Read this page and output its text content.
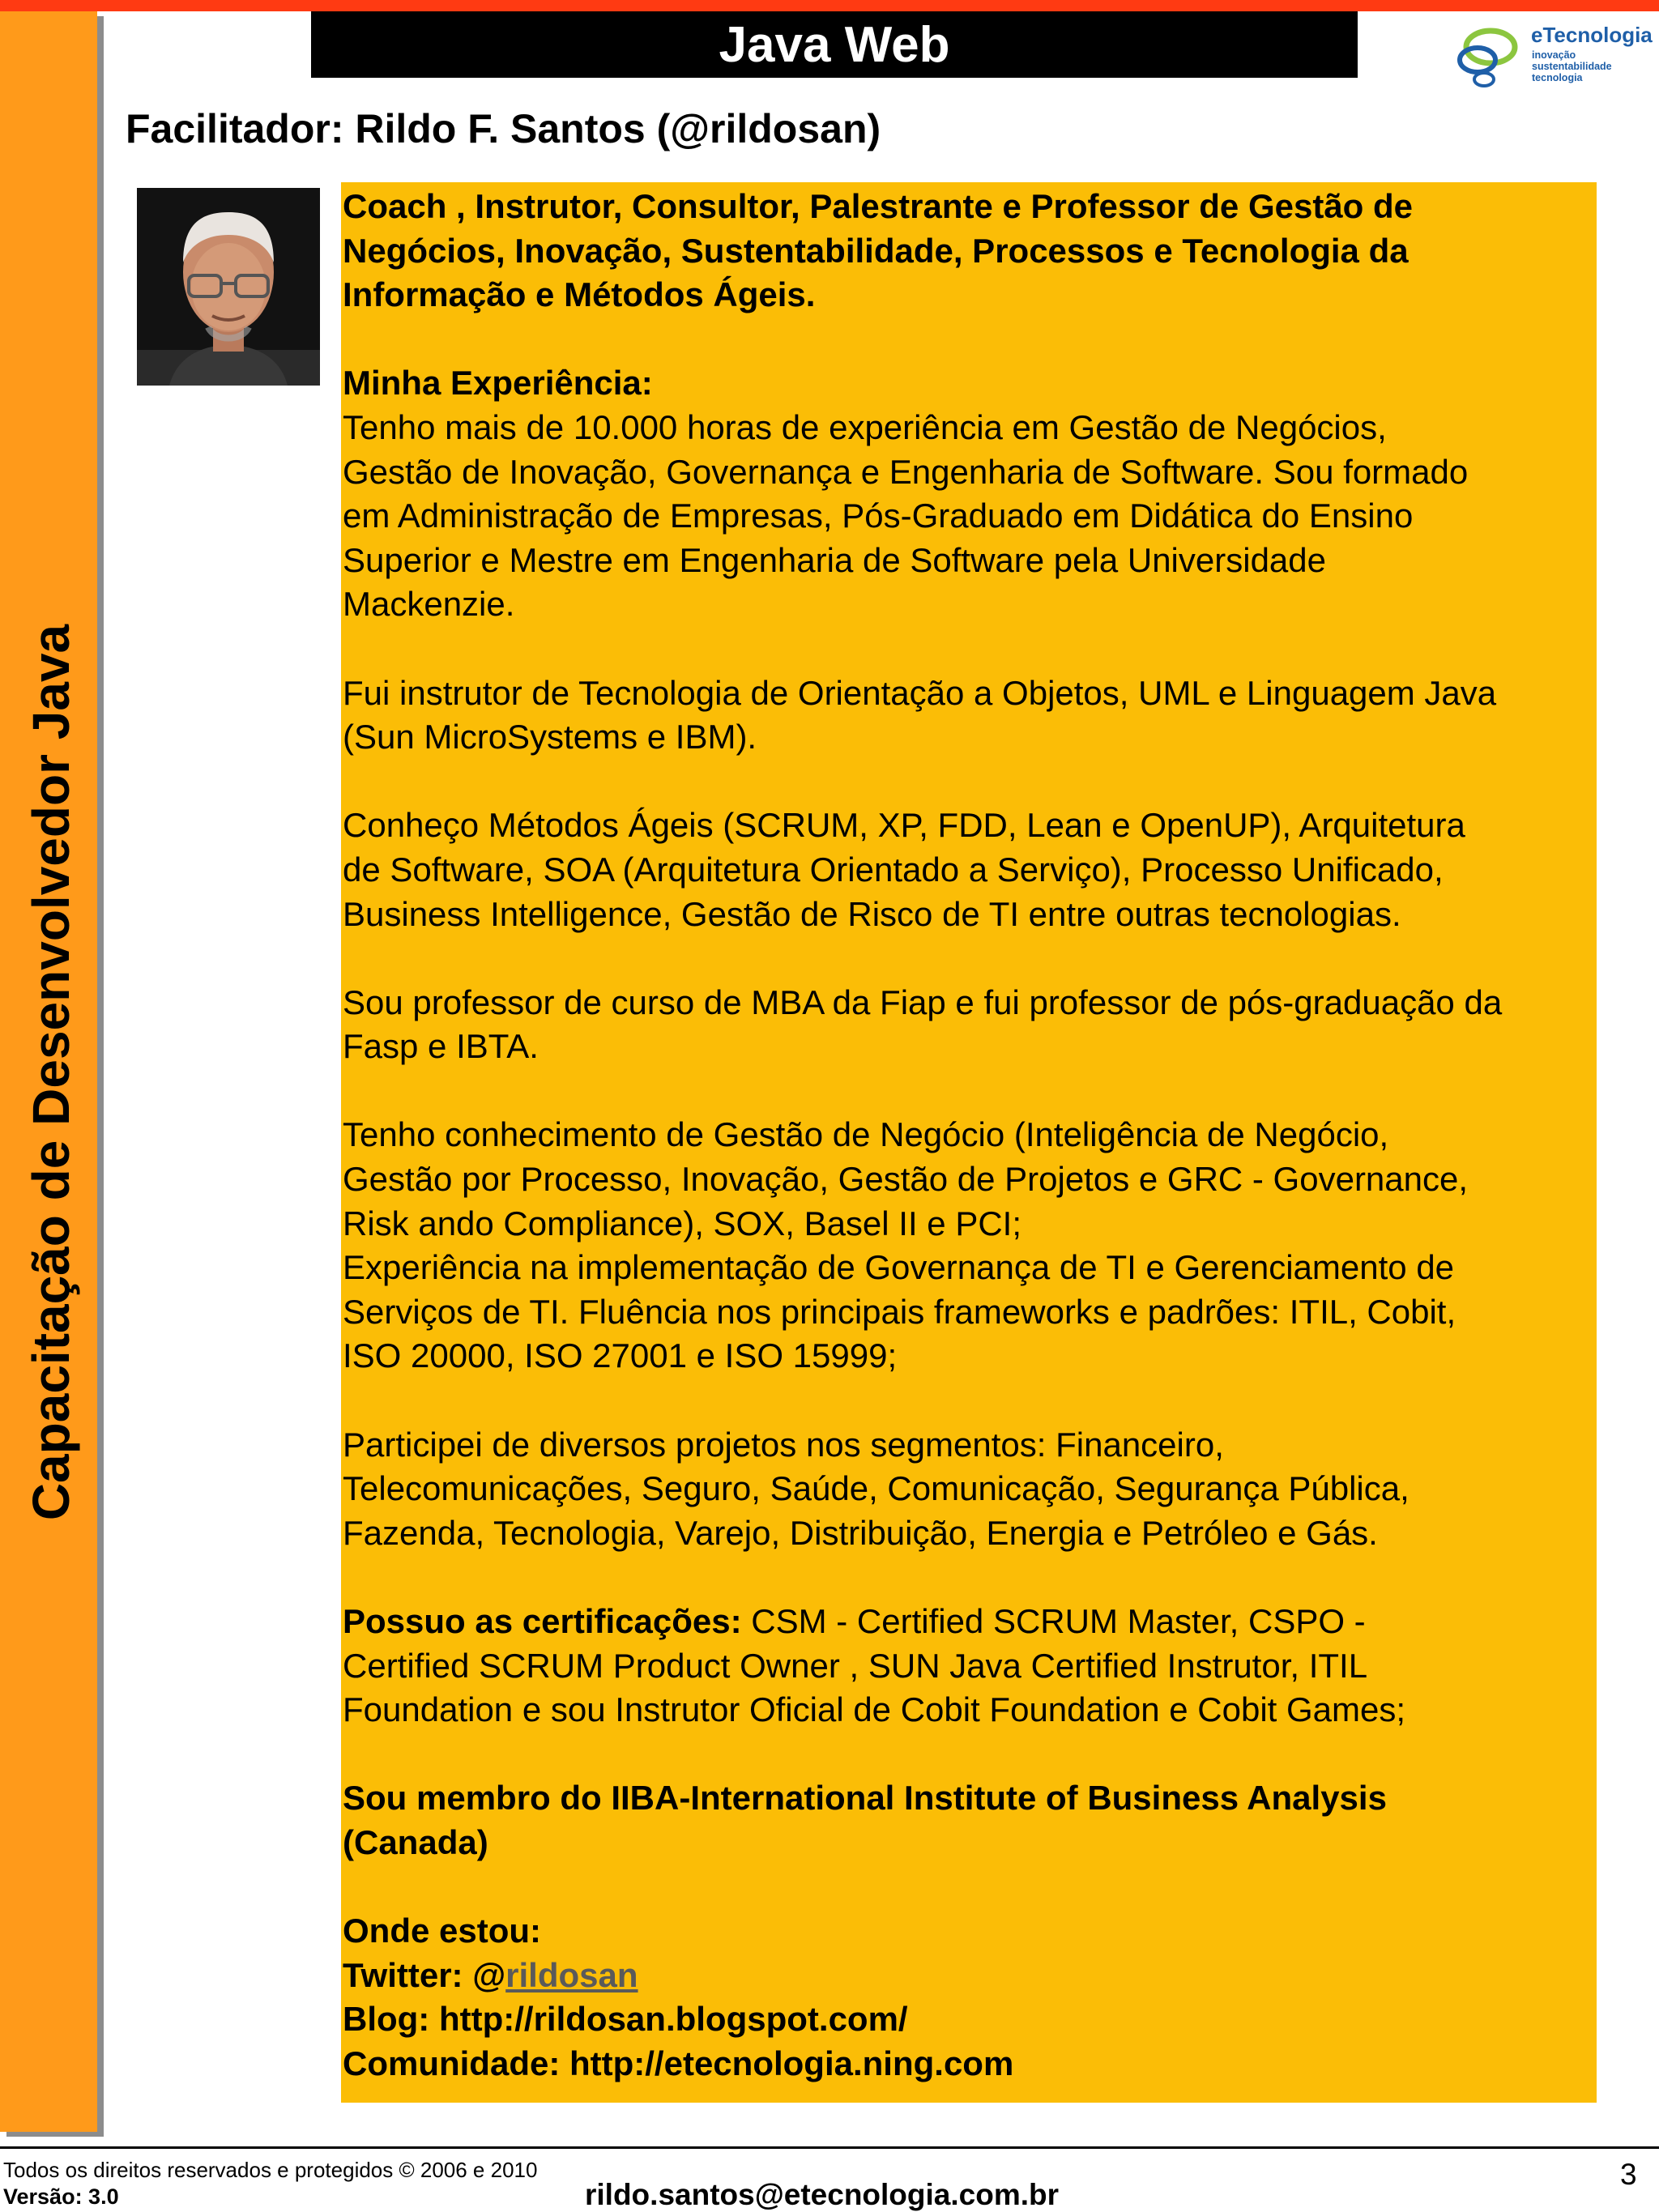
Capacitação de Desenvolvedor Java
Java Web	eTecnologia
inovação
sustentabilidade
tecnologia
Facilitador: Rildo F. Santos (@rildosan)

Coach , Instrutor, Consultor, Palestrante e Professor de Gestão de

Negócios, Inovação, Sustentabilidade, Processos e Tecnologia da

Informação e Métodos Ágeis.

Minha Experiência:

Tenho mais de 10.000 horas de experiência em Gestão de Negócios,

Gestão de Inovação, Governança e Engenharia de Software. Sou formado

em Administração de Empresas, Pós-Graduado em Didática do Ensino

Superior e Mestre em Engenharia de Software pela Universidade

Mackenzie.

Fui instrutor de Tecnologia de Orientação a Objetos, UML e Linguagem Java

(Sun MicroSystems e IBM).

Conheço Métodos Ágeis (SCRUM, XP, FDD, Lean e OpenUP), Arquitetura

de Software, SOA (Arquitetura Orientado a Serviço), Processo Unificado,

Business Intelligence, Gestão de Risco de TI entre outras tecnologias.

Sou professor de curso de MBA da Fiap e fui professor de pós-graduação da

Fasp e IBTA.

Tenho conhecimento de Gestão de Negócio (Inteligência de Negócio,

Gestão por Processo, Inovação, Gestão de Projetos e GRC - Governance,

Risk ando Compliance), SOX, Basel II e PCI;

Experiência na implementação de Governança de TI e Gerenciamento de

Serviços de TI. Fluência nos principais frameworks e padrões: ITIL, Cobit,

ISO 20000, ISO 27001 e ISO 15999;

Participei de diversos projetos nos segmentos: Financeiro,

Telecomunicações, Seguro, Saúde, Comunicação, Segurança Pública,

Fazenda, Tecnologia, Varejo, Distribuição, Energia e Petróleo e Gás.

Possuo as certificações: CSM - Certified SCRUM Master, CSPO -

Certified SCRUM Product Owner , SUN Java Certified Instrutor, ITIL

Foundation e sou Instrutor Oficial de Cobit Foundation e Cobit Games;

Sou membro do IIBA-International Institute of Business Analysis

(Canada)

Onde estou:

Twitter: @rildosan

Blog: http://rildosan.blogspot.com/

Comunidade: http://etecnologia.ning.com

Todos os direitos reservados e protegidos © 2006 e 2010
Versão: 3.0	rildo.santos@etecnologia.com.br
3
